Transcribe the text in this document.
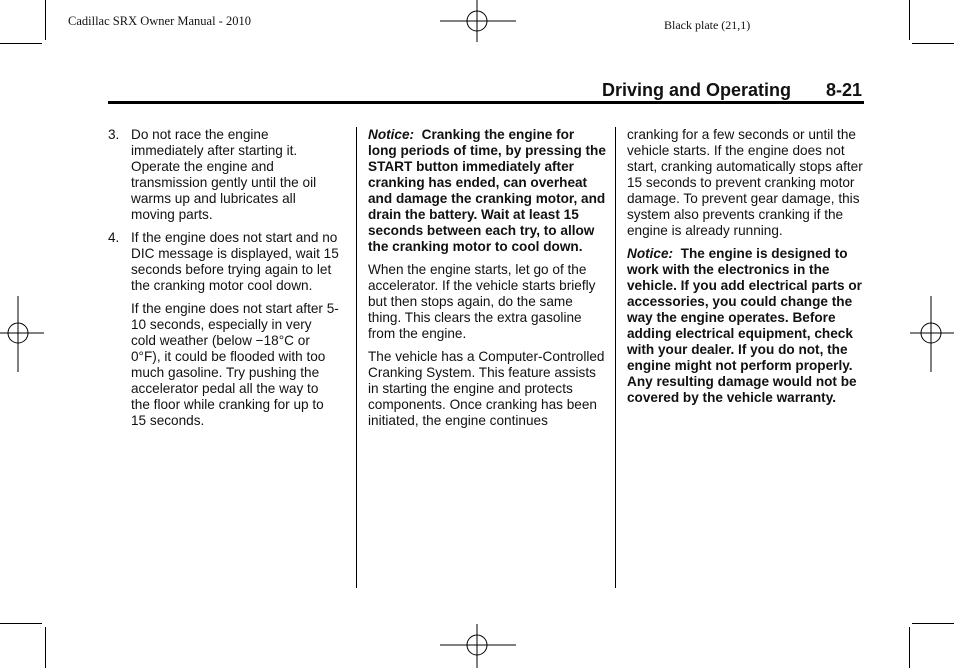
Cadillac SRX Owner Manual - 2010	Black plate (21,1)
Driving and Operating 8-21
3. Do not race the engine immediately after starting it. Operate the engine and transmission gently until the oil warms up and lubricates all moving parts.
4. If the engine does not start and no DIC message is displayed, wait 15 seconds before trying again to let the cranking motor cool down.

If the engine does not start after 5-10 seconds, especially in very cold weather (below −18°C or 0°F), it could be flooded with too much gasoline. Try pushing the accelerator pedal all the way to the floor while cranking for up to 15 seconds.

Notice: Cranking the engine for long periods of time, by pressing the START button immediately after cranking has ended, can overheat and damage the cranking motor, and drain the battery. Wait at least 15 seconds between each try, to allow the cranking motor to cool down.

When the engine starts, let go of the accelerator. If the vehicle starts briefly but then stops again, do the same thing. This clears the extra gasoline from the engine.

The vehicle has a Computer-Controlled Cranking System. This feature assists in starting the engine and protects components. Once cranking has been initiated, the engine continues

cranking for a few seconds or until the vehicle starts. If the engine does not start, cranking automatically stops after 15 seconds to prevent cranking motor damage. To prevent gear damage, this system also prevents cranking if the engine is already running.

Notice: The engine is designed to work with the electronics in the vehicle. If you add electrical parts or accessories, you could change the way the engine operates. Before adding electrical equipment, check with your dealer. If you do not, the engine might not perform properly. Any resulting damage would not be covered by the vehicle warranty.
